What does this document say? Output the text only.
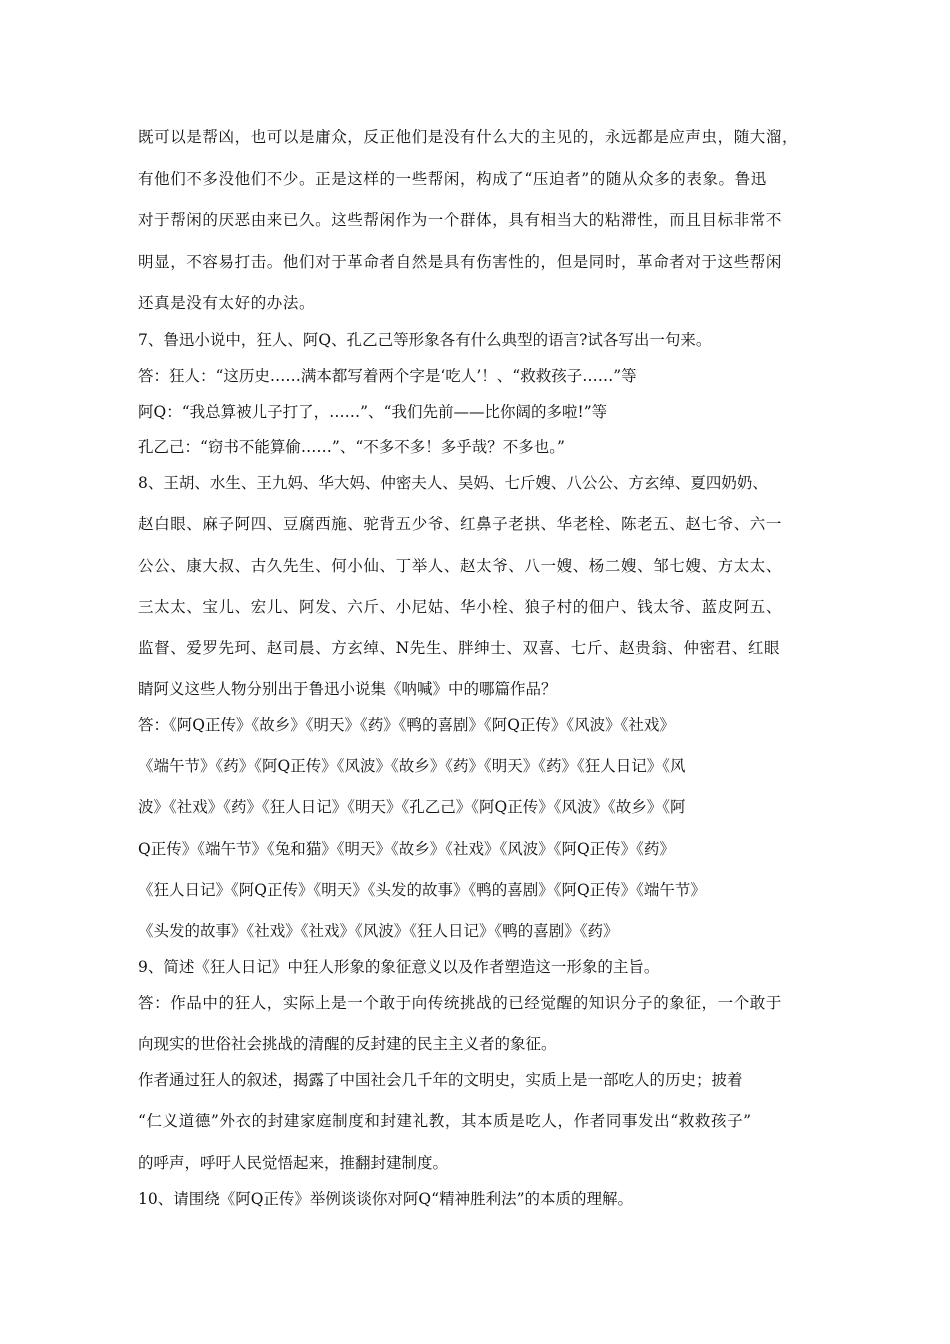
既可以是帮凶，也可以是庸众，反正他们是没有什么大的主见的，永远都是应声虫，随大溜，

有他们不多没他们不少。正是这样的一些帮闲，构成了“压迫者”的随从众多的表象。鲁迅

对于帮闲的厌恶由来已久。这些帮闲作为一个群体，具有相当大的粘滞性，而且目标非常不

明显，不容易打击。他们对于革命者自然是具有伤害性的，但是同时，革命者对于这些帮闲

还真是没有太好的办法。

7、鲁迅小说中，狂人、阿Q、孔乙己等形象各有什么典型的语言?试各写出一句来。

答：狂人：“这历史……满本都写着两个字是‘吃人’！、“救救孩子……”等

阿Q：“我总算被儿子打了，……”、“我们先前——比你阔的多啦!”等

孔乙己：“窃书不能算偷……”、“不多不多！多乎哉？不多也。”

8、王胡、水生、王九妈、华大妈、仲密夫人、吴妈、七斤嫂、八公公、方玄绰、夏四奶奶、

赵白眼、麻子阿四、豆腐西施、驼背五少爷、红鼻子老拱、华老栓、陈老五、赵七爷、六一

公公、康大叔、古久先生、何小仙、丁举人、赵太爷、八一嫂、杨二嫂、邹七嫂、方太太、

三太太、宝儿、宏儿、阿发、六斤、小尼姑、华小栓、狼子村的佃户、钱太爷、蓝皮阿五、

监督、爱罗先珂、赵司晨、方玄绰、N先生、胖绅士、双喜、七斤、赵贵翁、仲密君、红眼

睛阿义这些人物分别出于鲁迅小说集《呐喊》中的哪篇作品？

答：《阿Q正传》《故乡》《明天》《药》《鸭的喜剧》《阿Q正传》《风波》《社戏》

《端午节》《药》《阿Q正传》《风波》《故乡》《药》《明天》《药》《狂人日记》《风

波》《社戏》《药》《狂人日记》《明天》《孔乙己》《阿Q正传》《风波》《故乡》《阿

Q正传》《端午节》《兔和猫》《明天》《故乡》《社戏》《风波》《阿Q正传》《药》

《狂人日记》《阿Q正传》《明天》《头发的故事》《鸭的喜剧》《阿Q正传》《端午节》

《头发的故事》《社戏》《社戏》《风波》《狂人日记》《鸭的喜剧》《药》

9、简述《狂人日记》中狂人形象的象征意义以及作者塑造这一形象的主旨。

答：作品中的狂人，实际上是一个敢于向传统挑战的已经觉醒的知识分子的象征，一个敢于

向现实的世俗社会挑战的清醒的反封建的民主主义者的象征。

作者通过狂人的叙述，揭露了中国社会几千年的文明史，实质上是一部吃人的历史；披着

“仁义道德”外衣的封建家庭制度和封建礼教，其本质是吃人，作者同事发出“救救孩子”

的呼声，呼吁人民觉悟起来，推翻封建制度。

10、请围绕《阿Q正传》举例谈谈你对阿Q“精神胜利法”的本质的理解。
